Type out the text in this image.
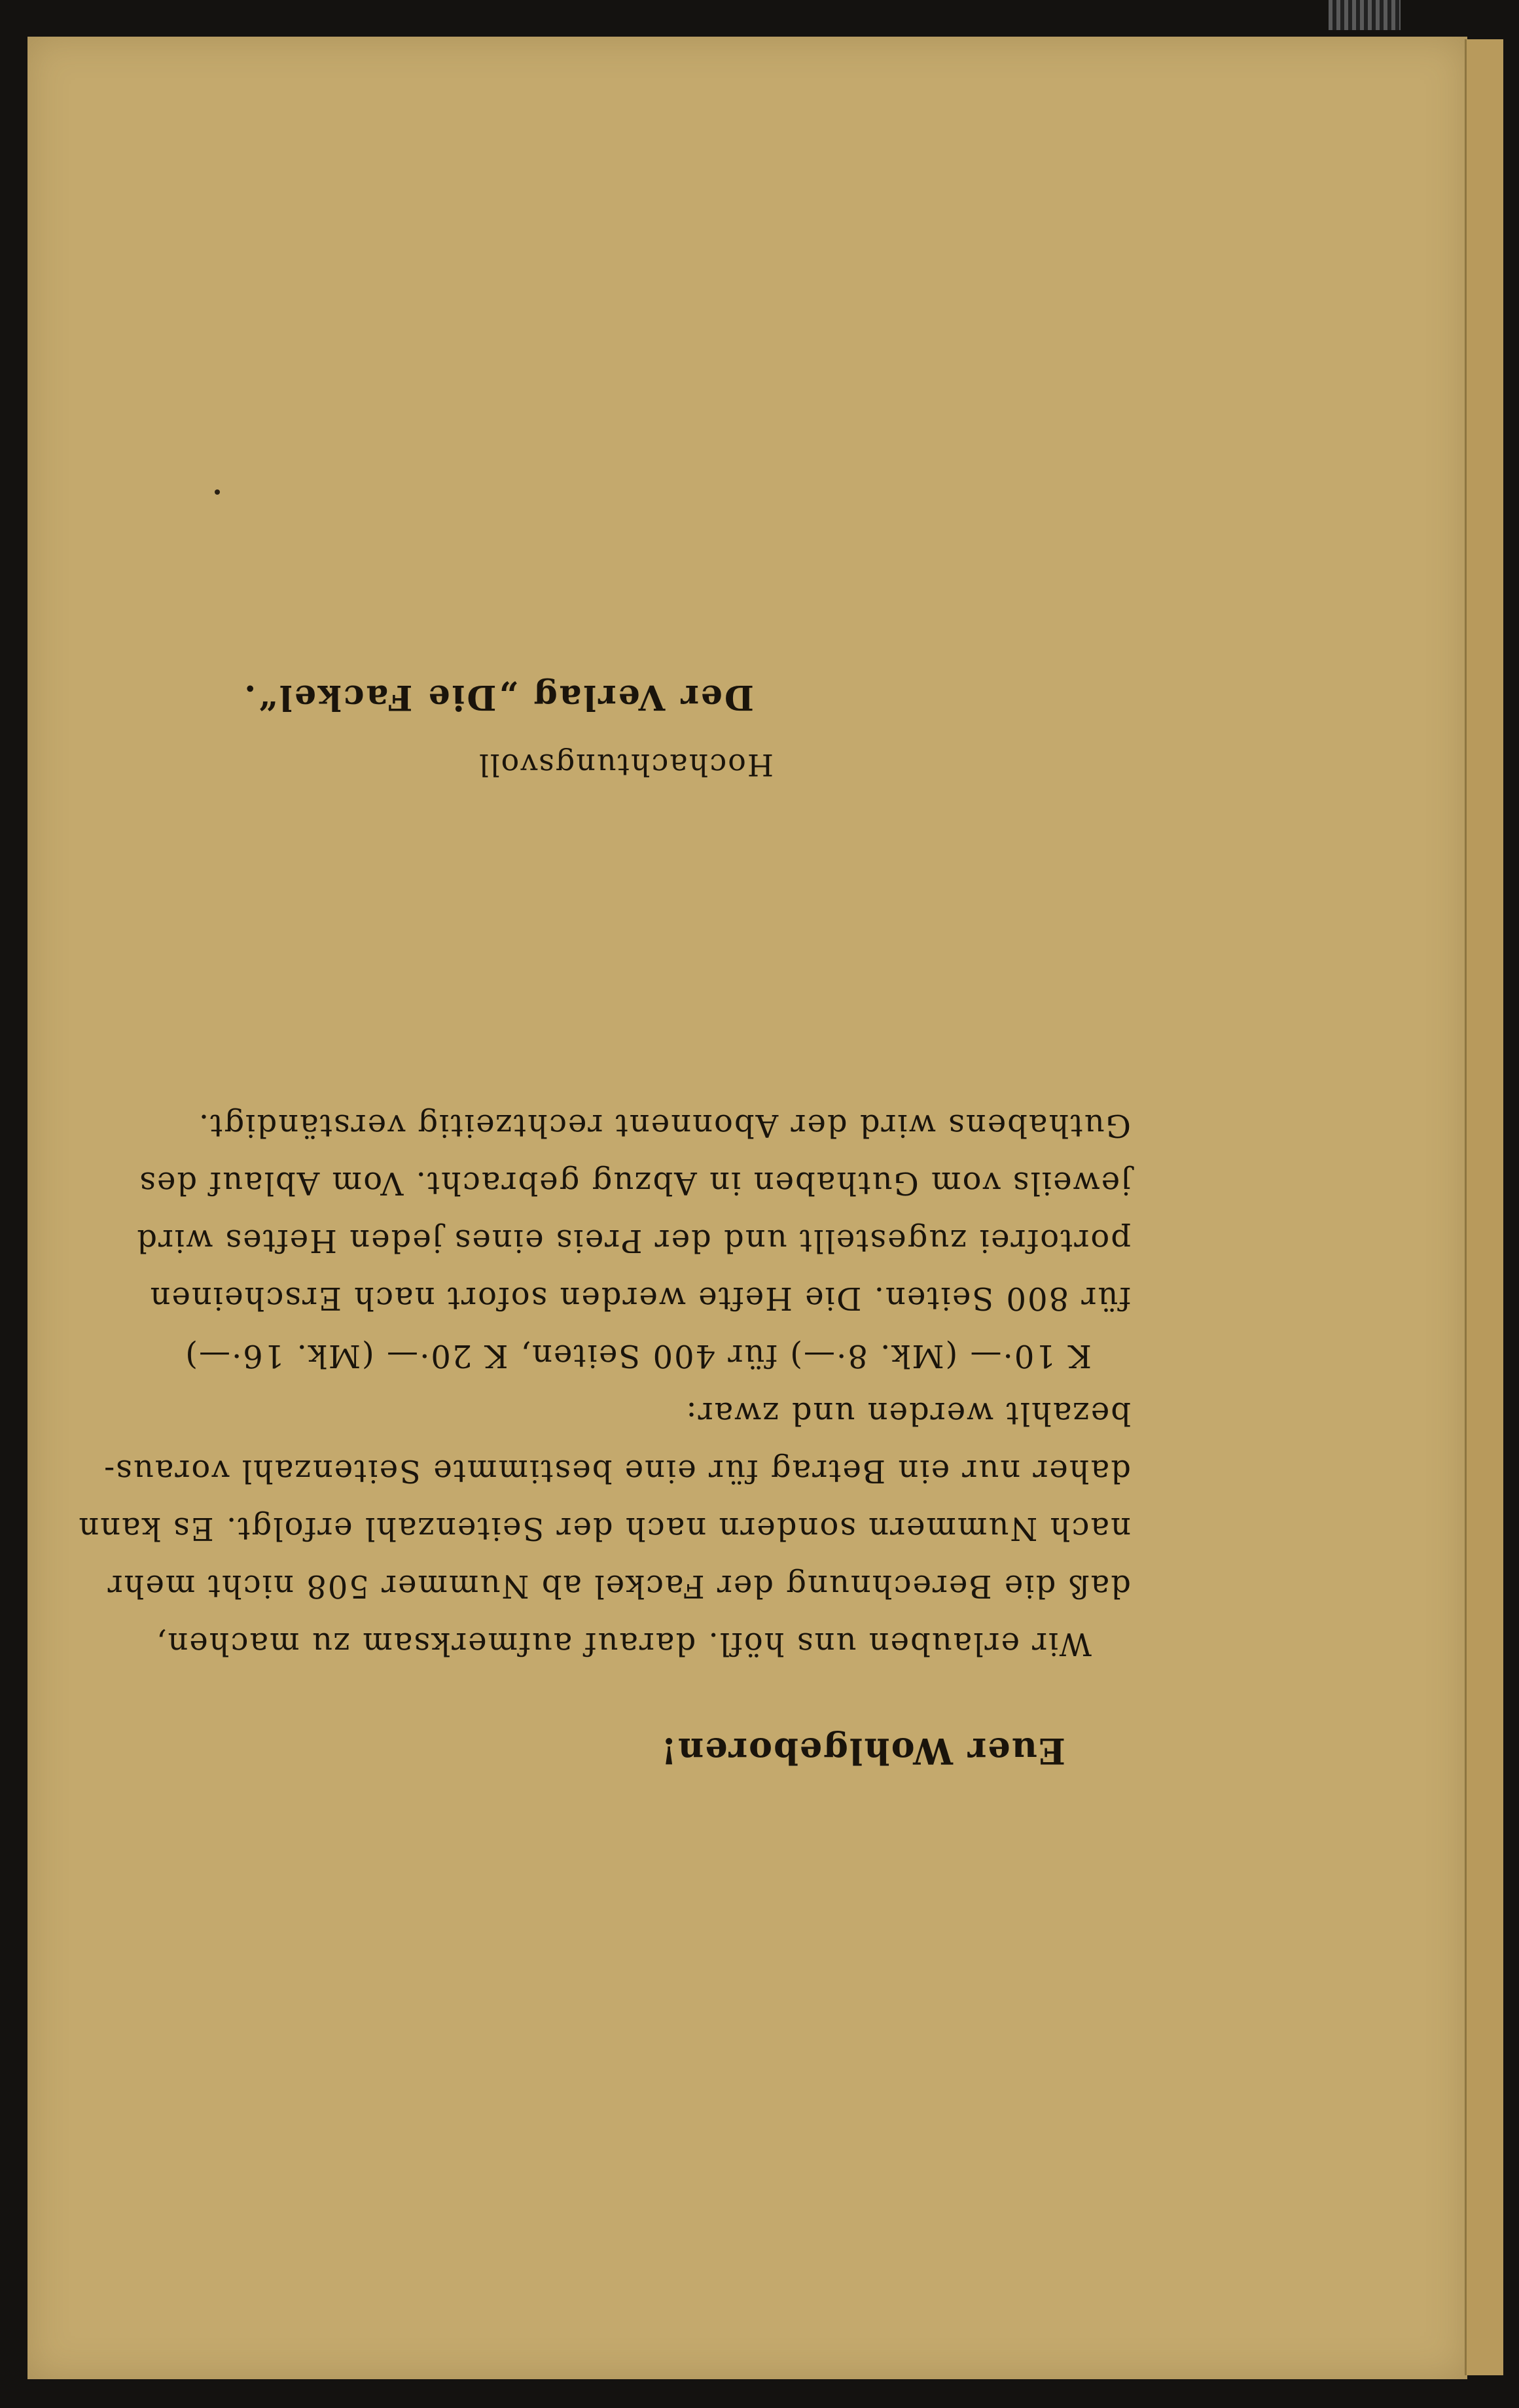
Euer Wohlgeboren!

Wir erlauben uns höfl. darauf aufmerksam zu machen,

daß die Berechnung der Fackel ab Nummer 508 nicht mehr

nach Nummern sondern nach der Seitenzahl erfolgt. Es kann

daher nur ein Betrag für eine bestimmte Seitenzahl voraus-

bezahlt werden und zwar:

K 10·— (Mk. 8·—) für 400 Seiten, K 20·— (Mk. 16·—)

für 800 Seiten. Die Hefte werden sofort nach Erscheinen

portofrei zugestellt und der Preis eines jeden Heftes wird

jeweils vom Guthaben in Abzug gebracht. Vom Ablauf des

Guthabens wird der Abonnent rechtzeitig verständigt.

Hochachtungsvoll
Der Verlag „Die Fackel“.
